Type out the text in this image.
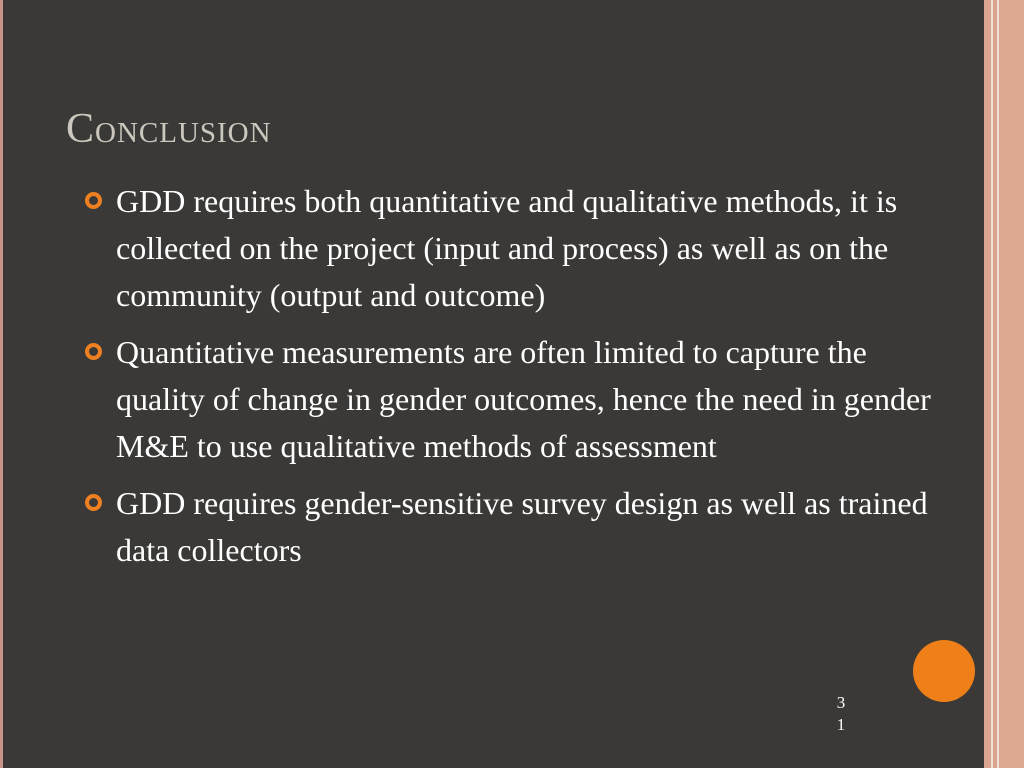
Conclusion
GDD requires both quantitative and qualitative methods, it is collected on the project (input and process) as well as on the community (output and outcome)
Quantitative measurements are often limited to capture the quality of change in gender outcomes, hence the need in gender M&E to use qualitative methods of assessment
GDD requires gender-sensitive survey design as well as trained data collectors
31
